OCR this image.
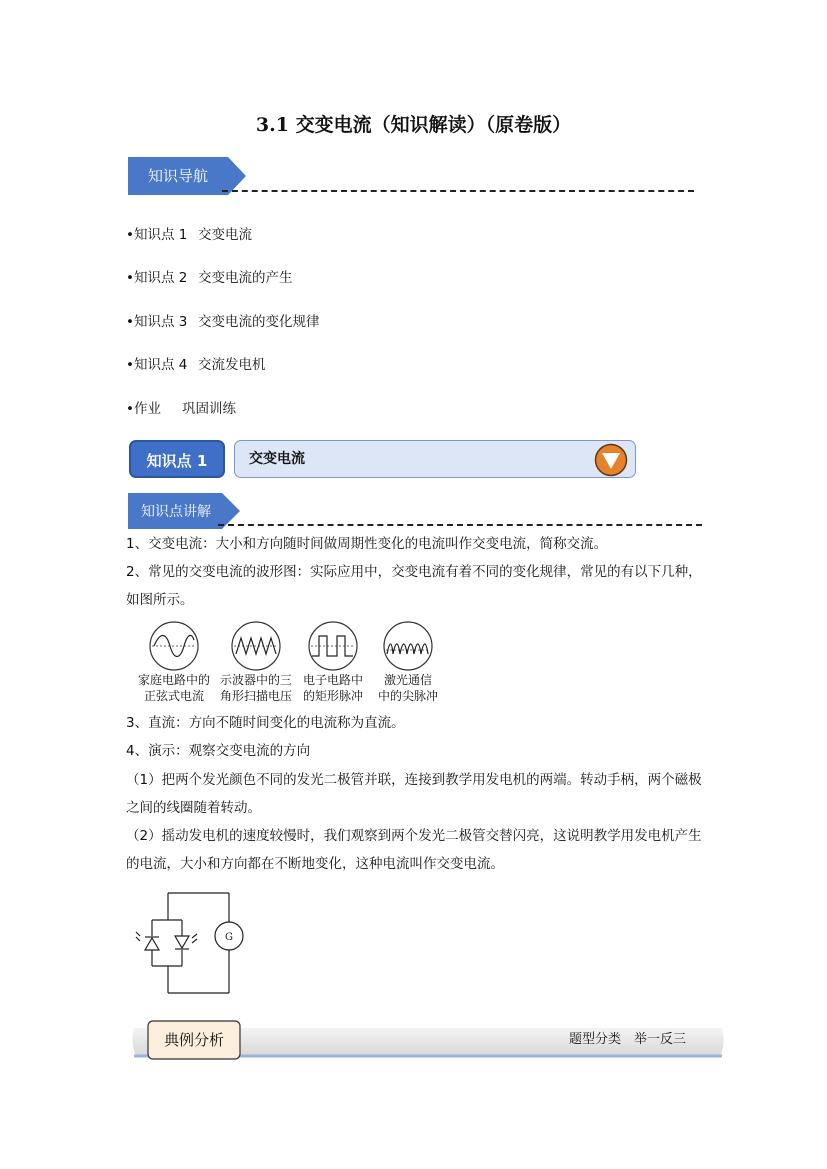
3.1 交变电流（知识解读）（原卷版）
知识导航
•知识点 1 交变电流
•知识点 2 交变电流的产生
•知识点 3 交变电流的变化规律
•知识点 4 交流发电机
•作业 巩固训练
知识点 1	交变电流
知识点讲解
1、交变电流：大小和方向随时间做周期性变化的电流叫作交变电流，简称交流。
2、常见的交变电流的波形图：实际应用中，交变电流有着不同的变化规律，常见的有以下几种，如图所示。
家庭电路中的
正弦式电流
示波器中的三
角形扫描电压
电子电路中
的矩形脉冲
激光通信
中的尖脉冲
3、直流：方向不随时间变化的电流称为直流。
4、演示：观察交变电流的方向
（1）把两个发光颜色不同的发光二极管并联，连接到教学用发电机的两端。转动手柄，两个磁极之间的线圈随着转动。
（2）摇动发电机的速度较慢时，我们观察到两个发光二极管交替闪亮，这说明教学用发电机产生的电流，大小和方向都在不断地变化，这种电流叫作交变电流。
G
典例分析	题型分类　举一反三
